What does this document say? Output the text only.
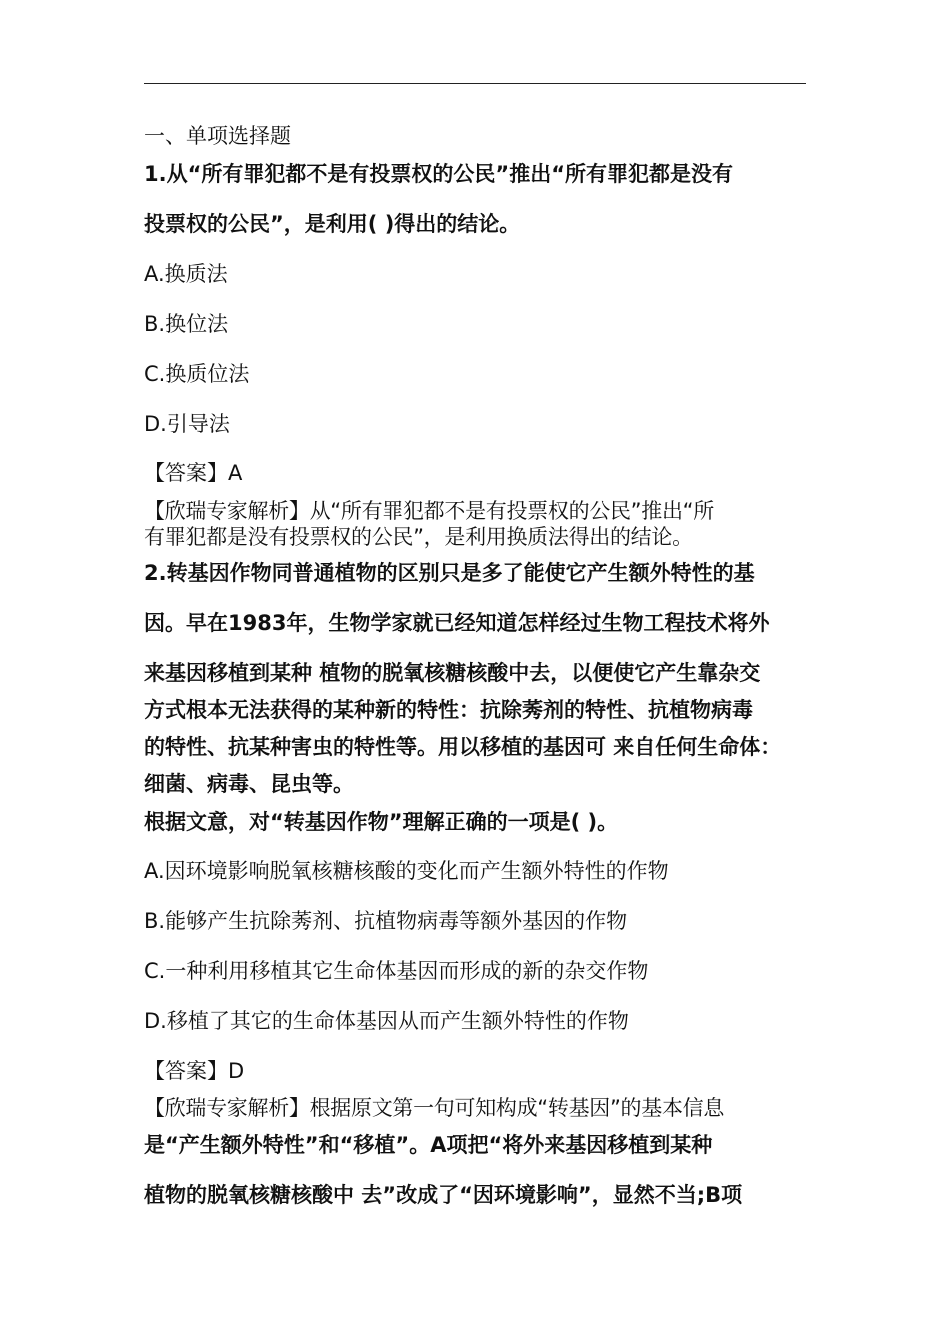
一、单项选择题
1.从“所有罪犯都不是有投票权的公民”推出“所有罪犯都是没有
投票权的公民”，是利用( )得出的结论。
A.换质法
B.换位法
C.换质位法
D.引导法
【答案】A
【欣瑞专家解析】从“所有罪犯都不是有投票权的公民”推出“所
有罪犯都是没有投票权的公民”，是利用换质法得出的结论。
2.转基因作物同普通植物的区别只是多了能使它产生额外特性的基
因。早在1983年，生物学家就已经知道怎样经过生物工程技术将外
来基因移植到某种 植物的脱氧核糖核酸中去，以便使它产生靠杂交
方式根本无法获得的某种新的特性：抗除莠剂的特性、抗植物病毒
的特性、抗某种害虫的特性等。用以移植的基因可 来自任何生命体：
细菌、病毒、昆虫等。
根据文意，对“转基因作物”理解正确的一项是( )。
A.因环境影响脱氧核糖核酸的变化而产生额外特性的作物
B.能够产生抗除莠剂、抗植物病毒等额外基因的作物
C.一种利用移植其它生命体基因而形成的新的杂交作物
D.移植了其它的生命体基因从而产生额外特性的作物
【答案】D
【欣瑞专家解析】根据原文第一句可知构成“转基因”的基本信息
是“产生额外特性”和“移植”。A项把“将外来基因移植到某种
植物的脱氧核糖核酸中 去”改成了“因环境影响”，显然不当;B项
